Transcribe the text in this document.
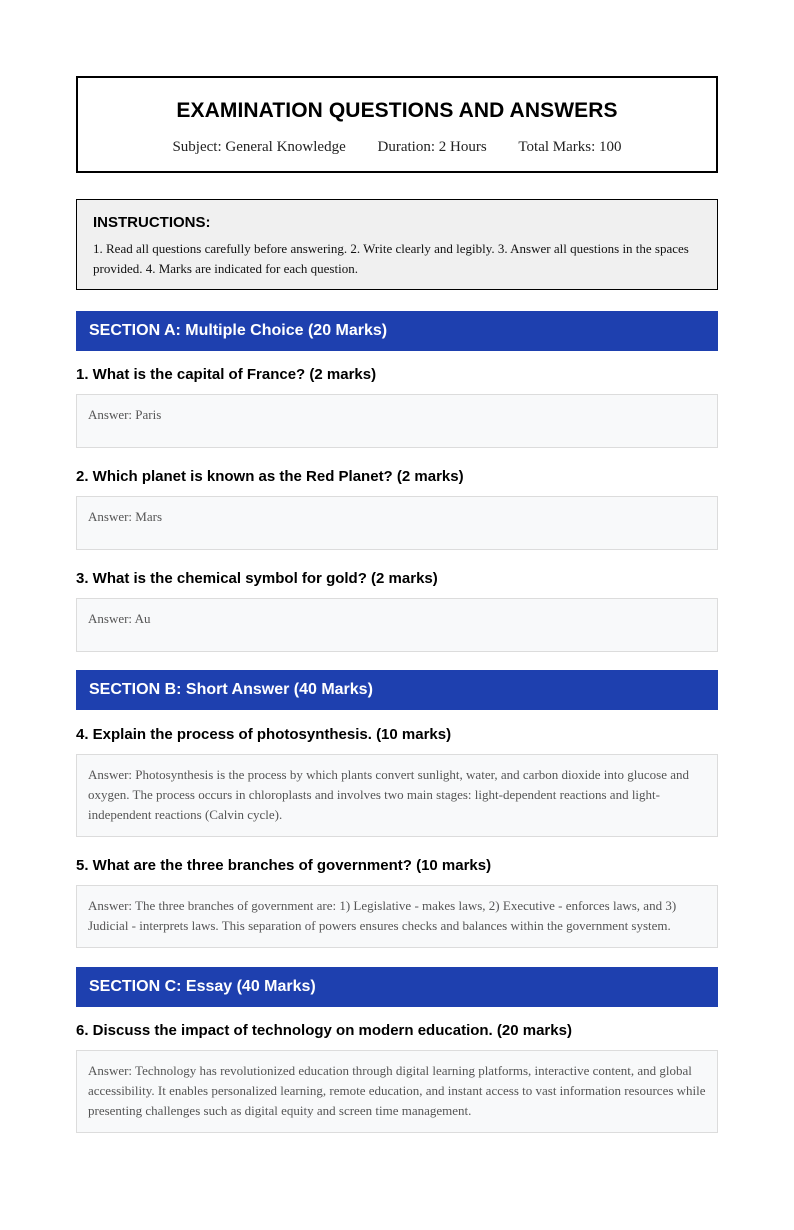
EXAMINATION QUESTIONS AND ANSWERS
Subject: General Knowledge Duration: 2 Hours Total Marks: 100
INSTRUCTIONS:
1. Read all questions carefully before answering. 2. Write clearly and legibly. 3. Answer all questions in the spaces provided. 4. Marks are indicated for each question.
SECTION A: Multiple Choice (20 Marks)
1. What is the capital of France? (2 marks)
Answer: Paris
2. Which planet is known as the Red Planet? (2 marks)
Answer: Mars
3. What is the chemical symbol for gold? (2 marks)
Answer: Au
SECTION B: Short Answer (40 Marks)
4. Explain the process of photosynthesis. (10 marks)
Answer: Photosynthesis is the process by which plants convert sunlight, water, and carbon dioxide into glucose and oxygen. The process occurs in chloroplasts and involves two main stages: light-dependent reactions and light-independent reactions (Calvin cycle).
5. What are the three branches of government? (10 marks)
Answer: The three branches of government are: 1) Legislative - makes laws, 2) Executive - enforces laws, and 3) Judicial - interprets laws. This separation of powers ensures checks and balances within the government system.
SECTION C: Essay (40 Marks)
6. Discuss the impact of technology on modern education. (20 marks)
Answer: Technology has revolutionized education through digital learning platforms, interactive content, and global accessibility. It enables personalized learning, remote education, and instant access to vast information resources while presenting challenges such as digital equity and screen time management.
